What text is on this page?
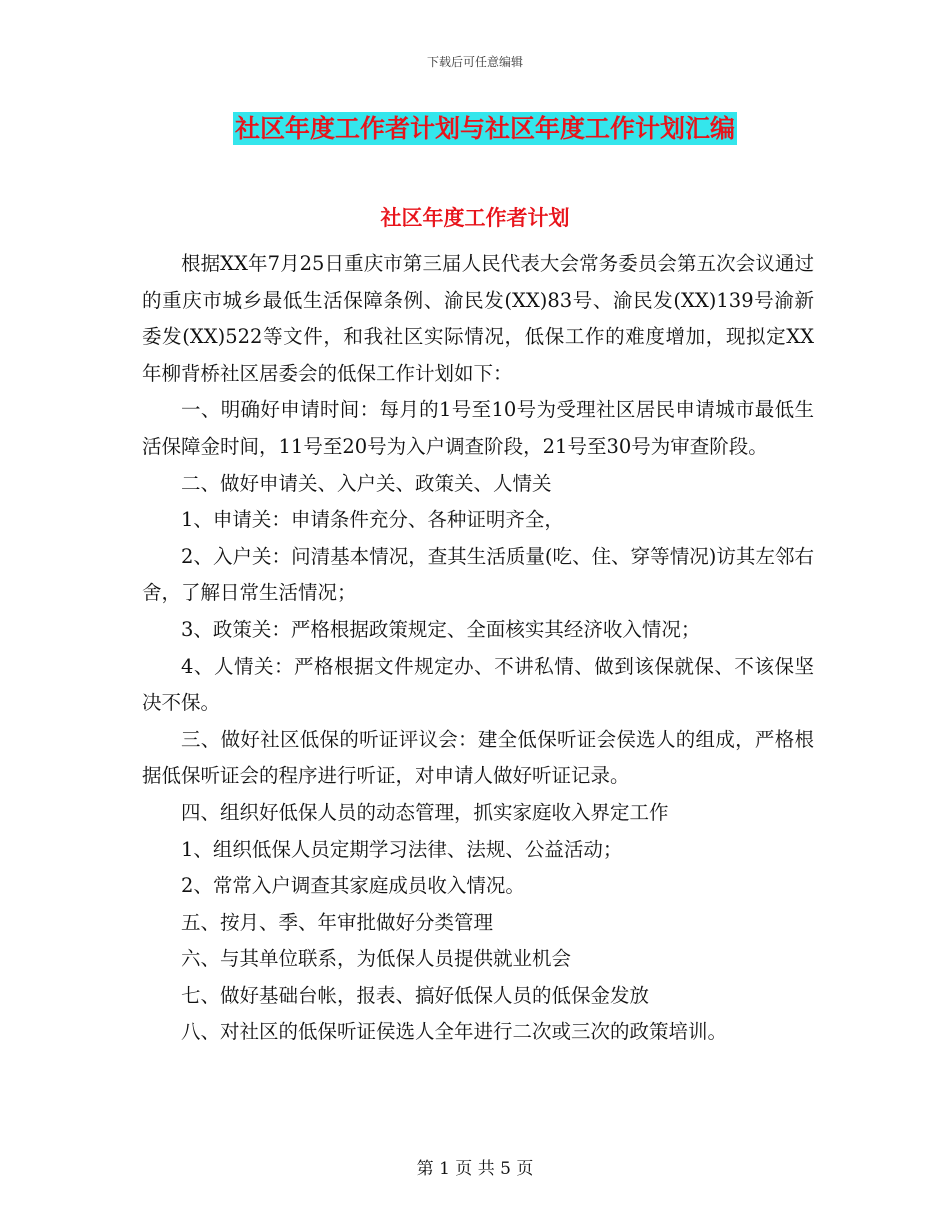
下载后可任意编辑
社区年度工作者计划与社区年度工作计划汇编
社区年度工作者计划

根据XX年7月25日重庆市第三届人民代表大会常务委员会第五次会议通过的重庆市城乡最低生活保障条例、渝民发(XX)83号、渝民发(XX)139号渝新委发(XX)522等文件，和我社区实际情况，低保工作的难度增加，现拟定XX年柳背桥社区居委会的低保工作计划如下：

一、明确好申请时间：每月的1号至10号为受理社区居民申请城市最低生活保障金时间，11号至20号为入户调查阶段，21号至30号为审查阶段。

二、做好申请关、入户关、政策关、人情关

1、申请关：申请条件充分、各种证明齐全，

2、入户关：问清基本情况，查其生活质量(吃、住、穿等情况)访其左邻右舍，了解日常生活情况；

3、政策关：严格根据政策规定、全面核实其经济收入情况；

4、人情关：严格根据文件规定办、不讲私情、做到该保就保、不该保坚决不保。

三、做好社区低保的听证评议会：建全低保听证会侯选人的组成，严格根据低保听证会的程序进行听证，对申请人做好听证记录。

四、组织好低保人员的动态管理，抓实家庭收入界定工作

1、组织低保人员定期学习法律、法规、公益活动；

2、常常入户调查其家庭成员收入情况。

五、按月、季、年审批做好分类管理

六、与其单位联系，为低保人员提供就业机会

七、做好基础台帐，报表、搞好低保人员的低保金发放

八、对社区的低保听证侯选人全年进行二次或三次的政策培训。

第 1 页 共 5 页
